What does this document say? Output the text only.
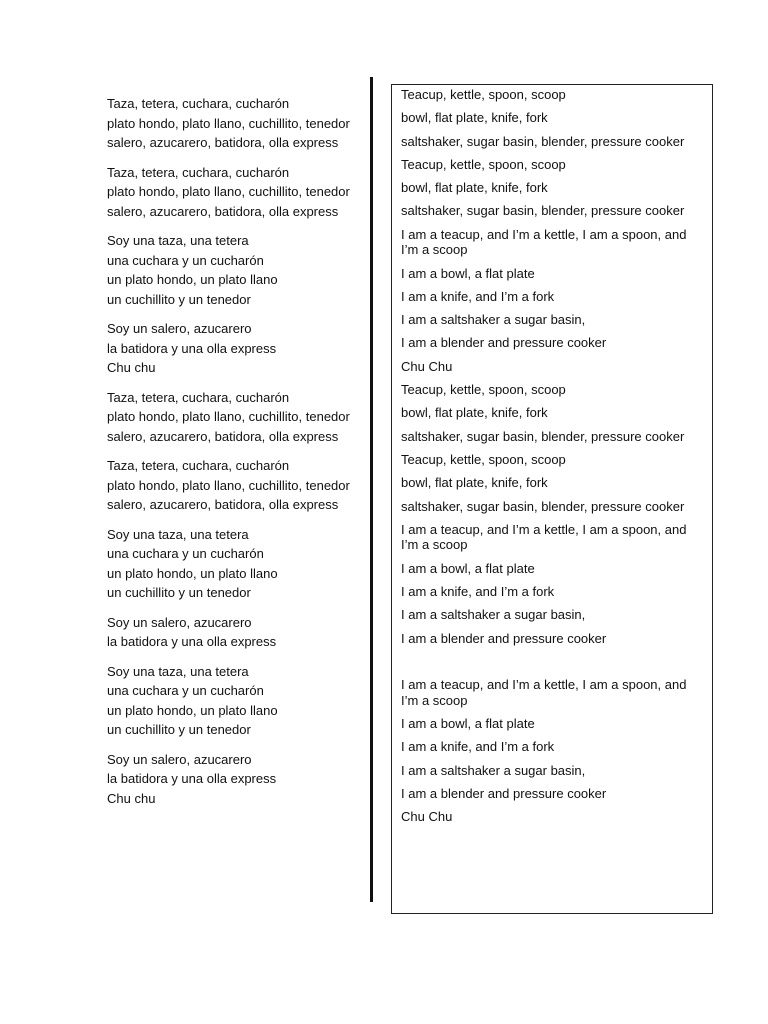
Taza, tetera, cuchara, cucharón
plato hondo, plato llano, cuchillito, tenedor
salero, azucarero, batidora, olla express
Taza, tetera, cuchara, cucharón
plato hondo, plato llano, cuchillito, tenedor
salero, azucarero, batidora, olla express
Soy una taza, una tetera
una cuchara y un cucharón
un plato hondo, un plato llano
un cuchillito y un tenedor
Soy un salero, azucarero
la batidora y una olla express
Chu chu
Taza, tetera, cuchara, cucharón
plato hondo, plato llano, cuchillito, tenedor
salero, azucarero, batidora, olla express
Taza, tetera, cuchara, cucharón
plato hondo, plato llano, cuchillito, tenedor
salero, azucarero, batidora, olla express
Soy una taza, una tetera
una cuchara y un cucharón
un plato hondo, un plato llano
un cuchillito y un tenedor
Soy un salero, azucarero
la batidora y una olla express
Soy una taza, una tetera
una cuchara y un cucharón
un plato hondo, un plato llano
un cuchillito y un tenedor
Soy un salero, azucarero
la batidora y una olla express
Chu chu
Teacup, kettle, spoon, scoop
bowl, flat plate, knife, fork
saltshaker, sugar basin, blender, pressure cooker
Teacup, kettle, spoon, scoop
bowl, flat plate, knife, fork
saltshaker, sugar basin, blender, pressure cooker
I am a teacup, and I’m a kettle, I am a spoon, and I’m a scoop
I am a bowl, a flat plate
I am a knife, and I’m a fork
I am a saltshaker a sugar basin,
I am a blender and pressure cooker
Chu Chu
Teacup, kettle, spoon, scoop
bowl, flat plate, knife, fork
saltshaker, sugar basin, blender, pressure cooker
Teacup, kettle, spoon, scoop
bowl, flat plate, knife, fork
saltshaker, sugar basin, blender, pressure cooker
I am a teacup, and I’m a kettle, I am a spoon, and I’m a scoop
I am a bowl, a flat plate
I am a knife, and I’m a fork
I am a saltshaker a sugar basin,
I am a blender and pressure cooker
I am a teacup, and I’m a kettle, I am a spoon, and I’m a scoop
I am a bowl, a flat plate
I am a knife, and I’m a fork
I am a saltshaker a sugar basin,
I am a blender and pressure cooker
Chu Chu
